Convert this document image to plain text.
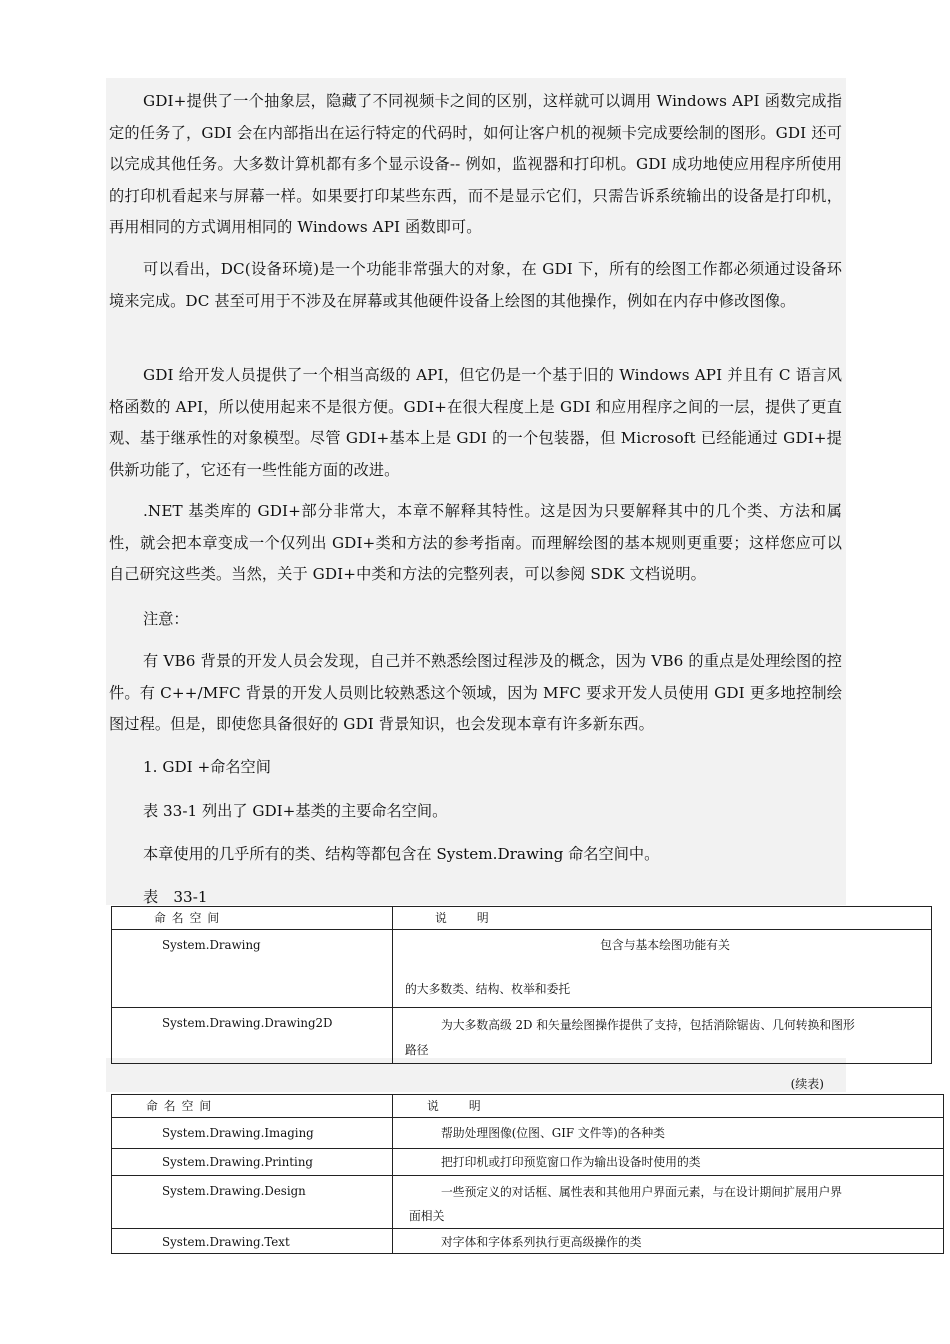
GDI+提供了一个抽象层，隐藏了不同视频卡之间的区别，这样就可以调用 Windows API 函数完成指定的任务了，GDI 会在内部指出在运行特定的代码时，如何让客户机的视频卡完成要绘制的图形。GDI 还可以完成其他任务。大多数计算机都有多个显示设备-- 例如，监视器和打印机。GDI 成功地使应用程序所使用的打印机看起来与屏幕一样。如果要打印某些东西，而不是显示它们，只需告诉系统输出的设备是打印机，再用相同的方式调用相同的 Windows API 函数即可。

可以看出，DC(设备环境)是一个功能非常强大的对象，在 GDI 下，所有的绘图工作都必须通过设备环境来完成。DC 甚至可用于不涉及在屏幕或其他硬件设备上绘图的其他操作，例如在内存中修改图像。

GDI 给开发人员提供了一个相当高级的 API，但它仍是一个基于旧的 Windows API 并且有 C 语言风格函数的 API，所以使用起来不是很方便。GDI+在很大程度上是 GDI 和应用程序之间的一层，提供了更直观、基于继承性的对象模型。尽管 GDI+基本上是 GDI 的一个包装器，但 Microsoft 已经能通过 GDI+提供新功能了，它还有一些性能方面的改进。

.NET 基类库的 GDI+部分非常大，本章不解释其特性。这是因为只要解释其中的几个类、方法和属性，就会把本章变成一个仅列出 GDI+类和方法的参考指南。而理解绘图的基本规则更重要；这样您应可以自己研究这些类。当然，关于 GDI+中类和方法的完整列表，可以参阅 SDK 文档说明。

注意：

有 VB6 背景的开发人员会发现，自己并不熟悉绘图过程涉及的概念，因为 VB6 的重点是处理绘图的控件。有 C++/MFC 背景的开发人员则比较熟悉这个领域，因为 MFC 要求开发人员使用 GDI 更多地控制绘图过程。但是，即使您具备很好的 GDI 背景知识，也会发现本章有许多新东西。

1. GDI +命名空间

表 33-1 列出了 GDI+基类的主要命名空间。

本章使用的几乎所有的类、结构等都包含在 System.Drawing 命名空间中。

表　33-1

命名空间	说 明
System.Drawing	包含与基本绘图功能有关
的大多数类、结构、枚举和委托

System.Drawing.Drawing2D	为大多数高级 2D 和矢量绘图操作提供了支持，包括消除锯齿、几何转换和图形
路径
(续表)
命名空间	说 明
System.Drawing.Imaging	帮助处理图像(位图、GIF 文件等)的各种类
System.Drawing.Printing	把打印机或打印预览窗口作为输出设备时使用的类
System.Drawing.Design	一些预定义的对话框、属性表和其他用户界面元素，与在设计期间扩展用户界
面相关

System.Drawing.Text	对字体和字体系列执行更高级操作的类
